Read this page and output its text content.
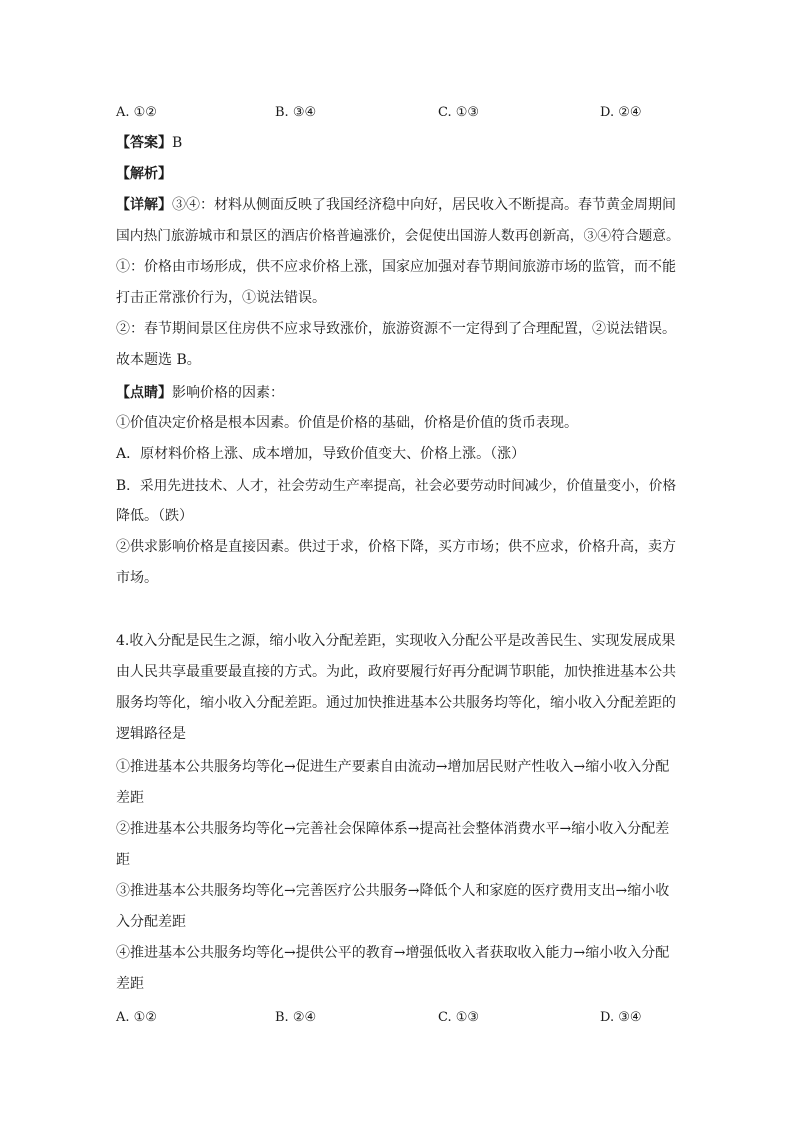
A. ①②	B. ③④	C. ①③	D. ②④
【答案】B
【解析】
【详解】③④：材料从侧面反映了我国经济稳中向好，居民收入不断提高。春节黄金周期间
国内热门旅游城市和景区的酒店价格普遍涨价，会促使出国游人数再创新高，③④符合题意。
①：价格由市场形成，供不应求价格上涨，国家应加强对春节期间旅游市场的监管，而不能
打击正常涨价行为，①说法错误。
②：春节期间景区住房供不应求导致涨价，旅游资源不一定得到了合理配置，②说法错误。
故本题选 B。
【点睛】影响价格的因素：
①价值决定价格是根本因素。价值是价格的基础，价格是价值的货币表现。
A．原材料价格上涨、成本增加，导致价值变大、价格上涨。（涨）
B．采用先进技术、人才，社会劳动生产率提高，社会必要劳动时间减少，价值量变小，价格
降低。（跌）
②供求影响价格是直接因素。供过于求，价格下降，买方市场；供不应求，价格升高，卖方
市场。
4.收入分配是民生之源，缩小收入分配差距，实现收入分配公平是改善民生、实现发展成果
由人民共享最重要最直接的方式。为此，政府要履行好再分配调节职能，加快推进基本公共
服务均等化，缩小收入分配差距。通过加快推进基本公共服务均等化，缩小收入分配差距的
逻辑路径是
①推进基本公共服务均等化→促进生产要素自由流动→增加居民财产性收入→缩小收入分配
差距
②推进基本公共服务均等化→完善社会保障体系→提高社会整体消费水平→缩小收入分配差
距
③推进基本公共服务均等化→完善医疗公共服务→降低个人和家庭的医疗费用支出→缩小收
入分配差距
④推进基本公共服务均等化→提供公平的教育→增强低收入者获取收入能力→缩小收入分配
差距
A. ①②	B. ②④	C. ①③	D. ③④
